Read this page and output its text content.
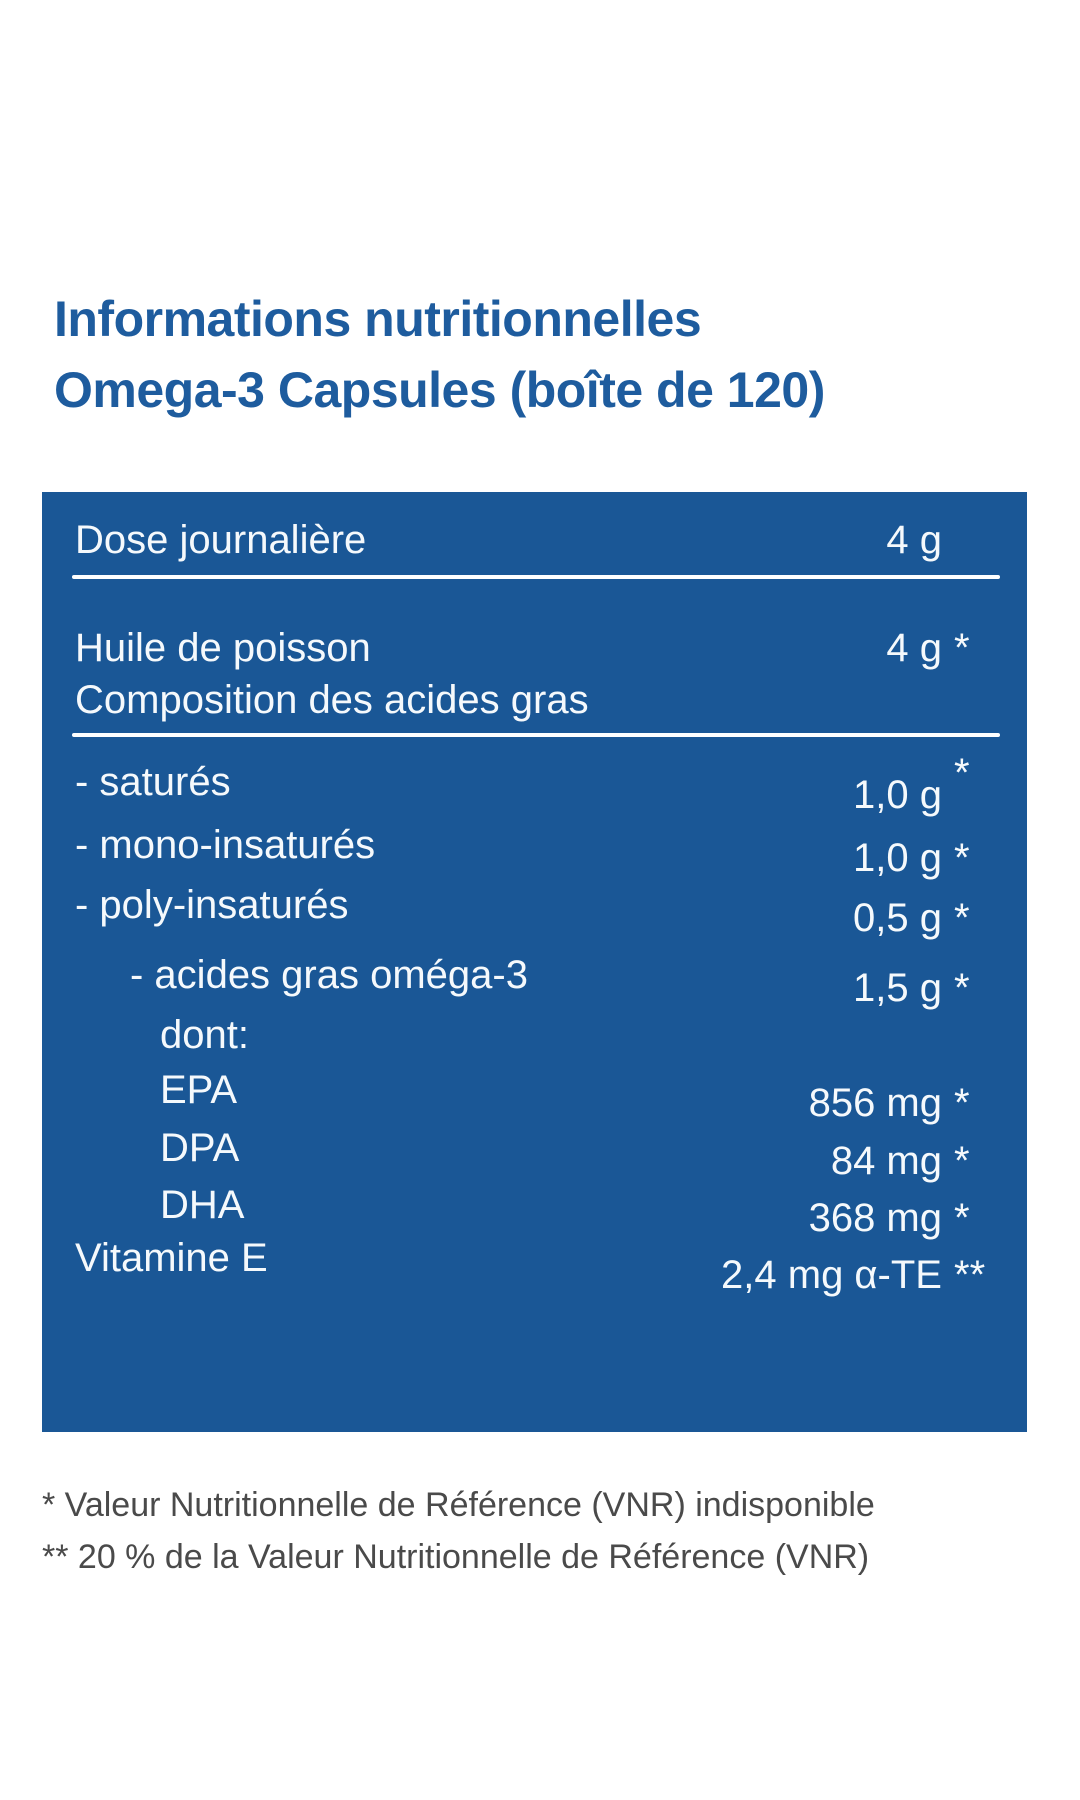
Informations nutritionnelles
Omega-3 Capsules (boîte de 120)
Dose journalière	4 g
Huile de poisson	4 g *
Composition des acides gras
- saturés	1,0 g *
- mono-insaturés	1,0 g *
- poly-insaturés	0,5 g *
- acides gras oméga-3	1,5 g *
dont:
EPA	856 mg *
DPA	84 mg *
DHA	368 mg *
Vitamine E	2,4 mg α-TE **
* Valeur Nutritionnelle de Référence (VNR) indisponible
** 20 % de la Valeur Nutritionnelle de Référence (VNR)
